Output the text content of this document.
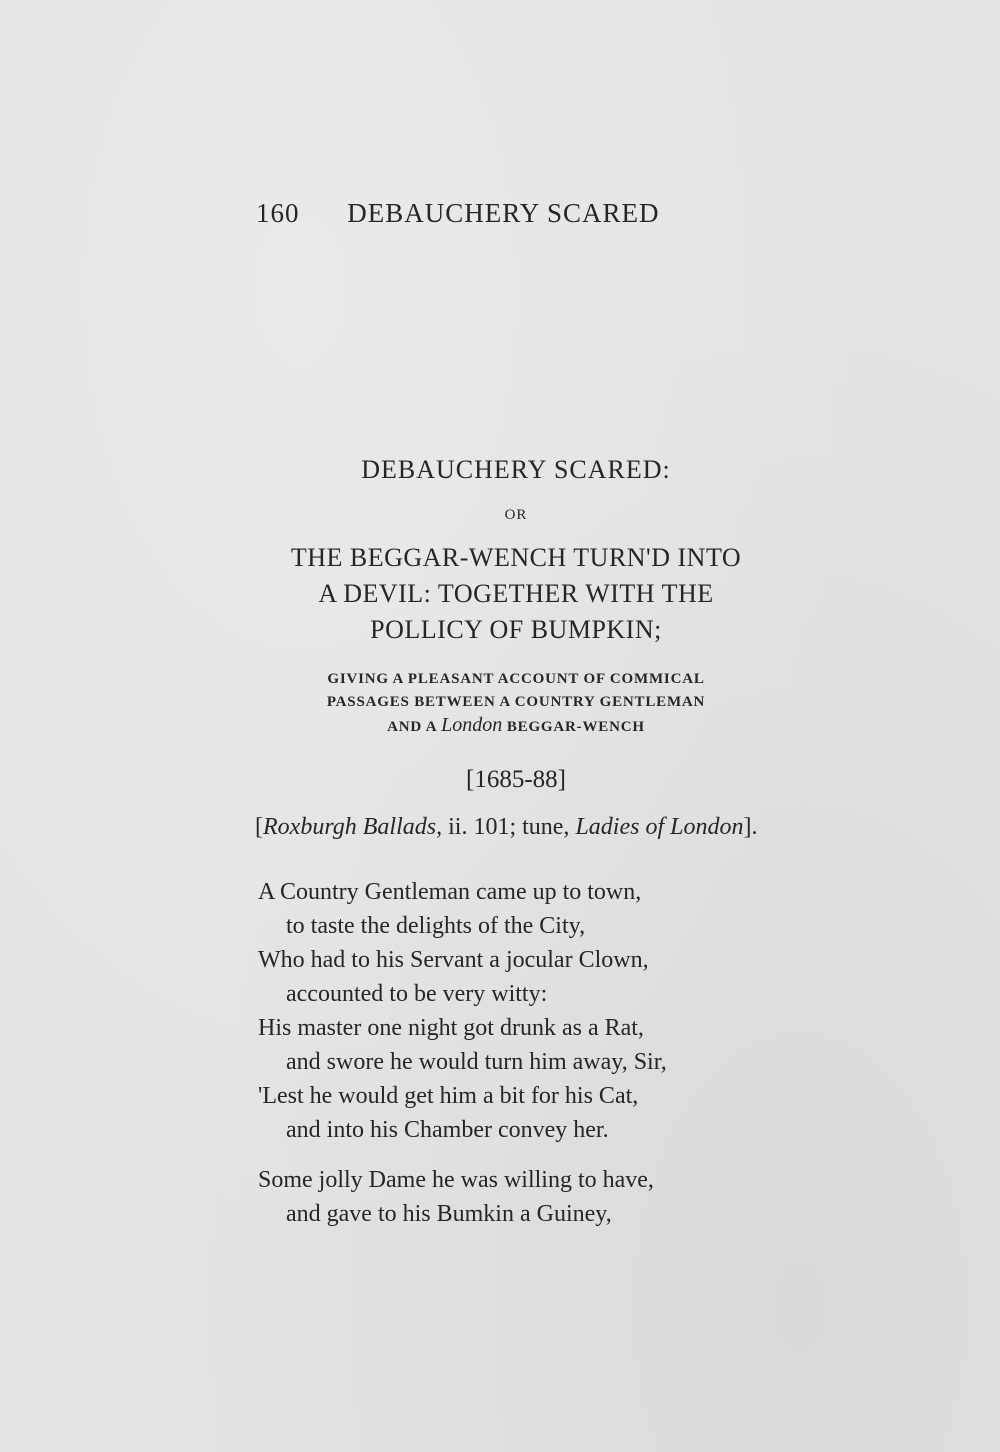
160 DEBAUCHERY SCARED
DEBAUCHERY SCARED:
OR
THE BEGGAR-WENCH TURN'D INTO
A DEVIL: TOGETHER WITH THE
POLLICY OF BUMPKIN;
GIVING A PLEASANT ACCOUNT OF COMMICAL
PASSAGES BETWEEN A COUNTRY GENTLEMAN
AND A London BEGGAR-WENCH
[1685-88]
[Roxburgh Ballads, ii. 101; tune, Ladies of London].
A Country Gentleman came up to town,
to taste the delights of the City,
Who had to his Servant a jocular Clown,
accounted to be very witty:
His master one night got drunk as a Rat,
and swore he would turn him away, Sir,
'Lest he would get him a bit for his Cat,
and into his Chamber convey her.
Some jolly Dame he was willing to have,
and gave to his Bumkin a Guiney,
